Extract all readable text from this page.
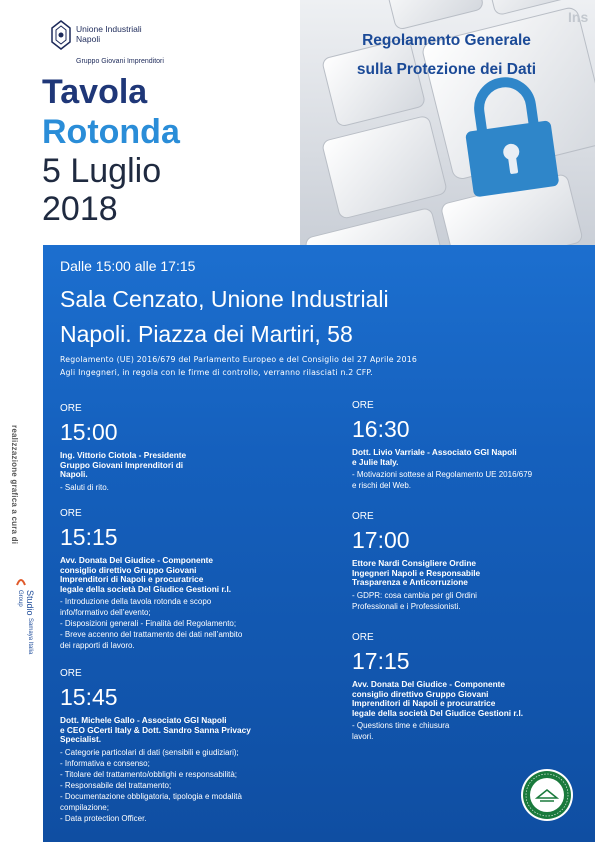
Ins
Unione Industriali
Napoli
Gruppo Giovani Imprenditori
Tavola
Rotonda
5 Luglio
2018
Regolamento Generale
sulla Protezione dei Dati
realizzazione grafica a cura di
Studio Samaya Italia Group
Dalle 15:00 alle 17:15
Sala Cenzato, Unione Industriali
Napoli. Piazza dei Martiri, 58
Regolamento (UE) 2016/679 del Parlamento Europeo e del Consiglio del 27 Aprile 2016
Agli Ingegneri, in regola con le firme di controllo, verranno rilasciati n.2 CFP.
ORE
15:00
Ing. Vittorio Ciotola - Presidente
Gruppo Giovani Imprenditori di
Napoli.
- Saluti di rito.
ORE
15:15
Avv. Donata Del Giudice - Componente
consiglio direttivo Gruppo Giovani
Imprenditori di Napoli e procuratrice
legale della società Del Giudice Gestioni r.l.
- Introduzione della tavola rotonda e scopo
info/formativo dell’evento;
- Disposizioni generali - Finalità del Regolamento;
- Breve accenno del trattamento dei dati nell’ambito
dei rapporti di lavoro.
ORE
15:45
Dott. Michele Gallo - Associato GGI Napoli
e CEO GCerti Italy & Dott. Sandro Sanna Privacy
Specialist.
- Categorie particolari di dati (sensibili e giudiziari);
- Informativa e consenso;
- Titolare del trattamento/obblighi e responsabilità;
- Responsabile del trattamento;
- Documentazione obbligatoria, tipologia e modalità
compilazione;
- Data protection Officer.
ORE
16:30
Dott. Livio Varriale - Associato GGI Napoli
e Julie Italy.
- Motivazioni sottese al Regolamento UE 2016/679
e rischi del Web.
ORE
17:00
Ettore Nardi Consigliere Ordine
Ingegneri Napoli e Responsabile
Trasparenza e Anticorruzione
- GDPR: cosa cambia per gli Ordini
Professionali e i Professionisti.
ORE
17:15
Avv. Donata Del Giudice - Componente
consiglio direttivo Gruppo Giovani
Imprenditori di Napoli e procuratrice
legale della società Del Giudice Gestioni r.l.
- Questions time e chiusura
lavori.
